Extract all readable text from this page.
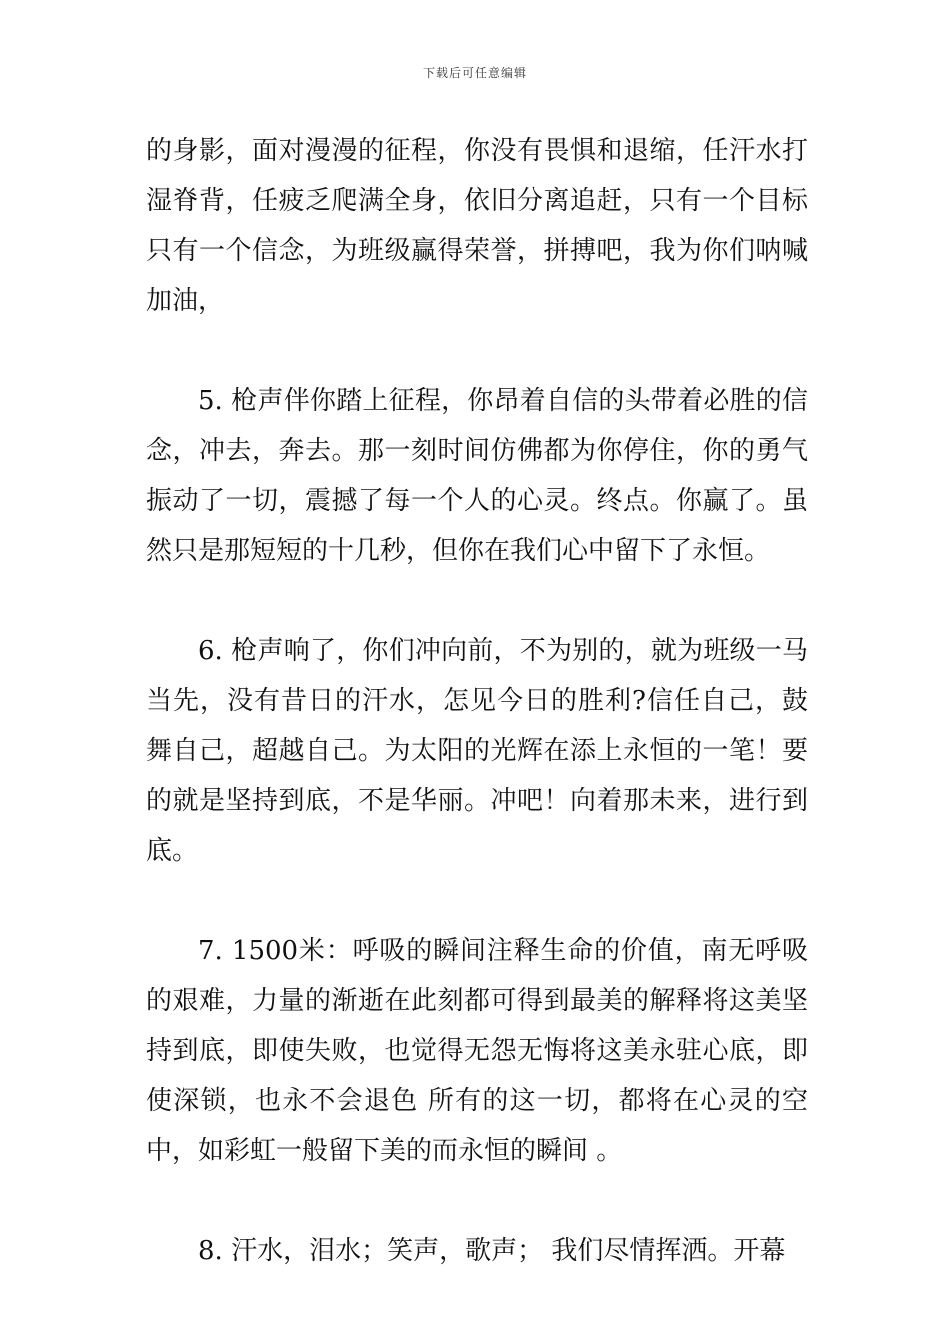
下载后可任意编辑

的身影，面对漫漫的征程，你没有畏惧和退缩，任汗水打湿脊背，任疲乏爬满全身，依旧分离追赶，只有一个目标只有一个信念，为班级赢得荣誉，拼搏吧，我为你们呐喊加油，

5. 枪声伴你踏上征程，你昂着自信的头带着必胜的信念，冲去，奔去。那一刻时间仿佛都为你停住，你的勇气振动了一切，震撼了每一个人的心灵。终点。你赢了。虽然只是那短短的十几秒，但你在我们心中留下了永恒。

6. 枪声响了，你们冲向前，不为别的，就为班级一马当先，没有昔日的汗水，怎见今日的胜利?信任自己，鼓舞自己，超越自己。为太阳的光辉在添上永恒的一笔！要的就是坚持到底，不是华丽。冲吧！向着那未来，进行到底。

7. 1500米：呼吸的瞬间注释生命的价值，南无呼吸的艰难，力量的渐逝在此刻都可得到最美的解释将这美坚持到底，即使失败，也觉得无怨无悔将这美永驻心底，即使深锁，也永不会退色 所有的这一切，都将在心灵的空中，如彩虹一般留下美的而永恒的瞬间 。

8. 汗水，泪水；笑声，歌声； 我们尽情挥洒。开幕
